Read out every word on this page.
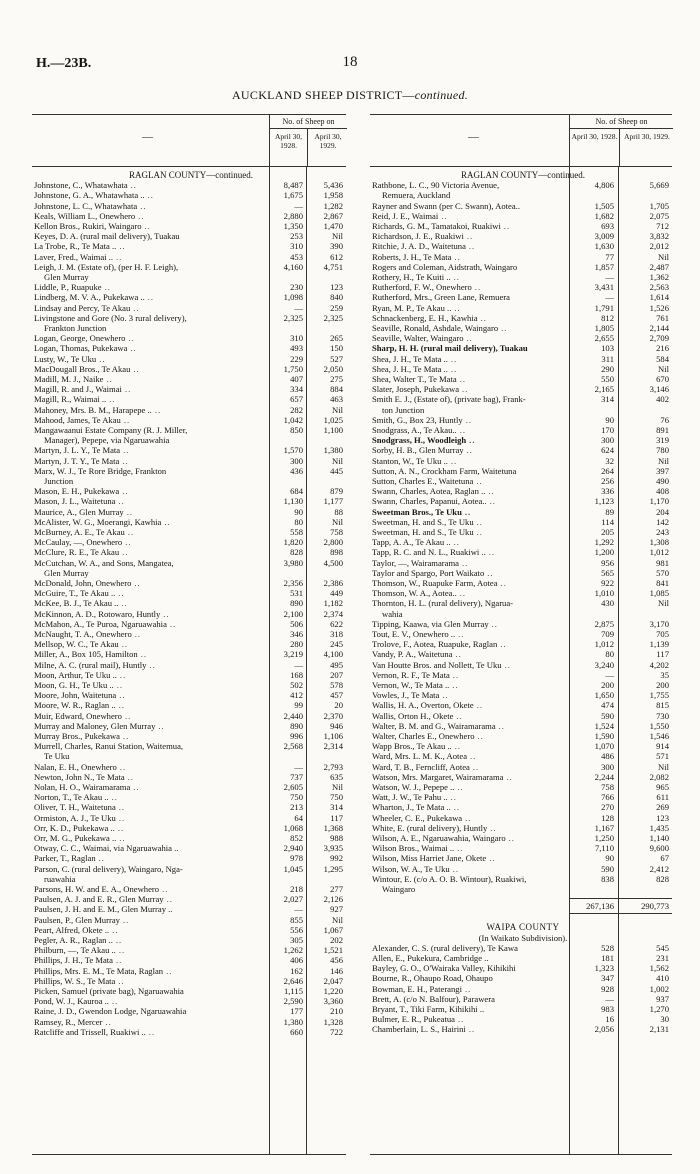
H.—23B.	18
AUCKLAND SHEEP DISTRICT—continued.
—
No. of Sheep on
April 30, 1928.
April 30, 1929.
RAGLAN COUNTY—continued.
Johnstone, C., Whatawhata ..	8,487	5,436
Johnstone, G. A., Whatawhata .. ..	1,675	1,958
Johnstone, L. C., Whatawhata ..	—	1,282
Keals, William L., Onewhero ..	2,880	2,867
Kellon Bros., Rukiri, Waingaro ..	1,350	1,470
Keyes, D. A. (rural mail delivery), Tuakau	253	Nil
La Trobe, R., Te Mata .. ..	310	390
Laver, Fred., Waimai .. ..	453	612
Leigh, J. M. (Estate of), (per H. F. Leigh),	4,160	4,751
Glen Murray
Liddle, P., Ruapuke ..	230	123
Lindberg, M. V. A., Pukekawa .. ..	1,098	840
Lindsay and Percy, Te Akau ..	—	259
Livingstone and Gore (No. 3 rural delivery),	2,325	2,325
Frankton Junction
Logan, George, Onewhero ..	310	265
Logan, Thomas, Pukekawa ..	493	150
Lusty, W., Te Uku ..	229	527
MacDougall Bros., Te Akau ..	1,750	2,050
Madill, M. J., Naike ..	407	275
Magill, R. and J., Waimai ..	334	884
Magill, R., Waimai .. ..	657	463
Mahoney, Mrs. B. M., Harapepe .. ..	282	Nil
Mahood, James, Te Akau ..	1,042	1,025
Mangawaanui Estate Company (R. J. Miller,	850	1,100
Manager), Pepepe, via Ngaruawahia
Martyn, J. L. Y., Te Mata ..	1,570	1,380
Martyn, J. T. Y., Te Mata ..	300	Nil
Marx, W. J., Te Rore Bridge, Frankton	436	445
Junction
Mason, E. H., Pukekawa ..	684	879
Mason, J. L., Waitetuna ..	1,130	1,177
Maurice, A., Glen Murray ..	90	88
McAlister, W. G., Moerangi, Kawhia ..	80	Nil
McBurney, A. E., Te Akau ..	558	758
McCaulay, —, Onewhero ..	1,820	2,800
McClure, R. E., Te Akau ..	828	898
McCutchan, W. A., and Sons, Mangatea,	3,980	4,500
Glen Murray
McDonald, John, Onewhero ..	2,356	2,386
McGuire, T., Te Akau .. ..	531	449
McKee, B. J., Te Akau .. ..	890	1,182
McKinnon, A. D., Rotowaro, Huntly ..	2,100	2,374
McMahon, A., Te Puroa, Ngaruawahia ..	506	622
McNaught, T. A., Onewhero ..	346	318
Mellsop, W. C., Te Akau ..	280	245
Miller, A., Box 105, Hamilton ..	3,219	4,100
Milne, A. C. (rural mail), Huntly ..	—	495
Moon, Arthur, Te Uku .. ..	168	207
Moon, G. H., Te Uku .. ..	502	578
Moore, John, Waitetuna ..	412	457
Moore, W. R., Raglan .. ..	99	20
Muir, Edward, Onewhero ..	2,440	2,370
Murray and Maloney, Glen Murray ..	890	946
Murray Bros., Pukekawa ..	996	1,106
Murrell, Charles, Ranui Station, Waitemua,	2,568	2,314
Te Uku
Nalan, E. H., Onewhero ..	—	2,793
Newton, John N., Te Mata ..	737	635
Nolan, H. O., Wairamarama ..	2,605	Nil
Norton, T., Te Akau .. ..	750	750
Oliver, T. H., Waitetuna ..	213	314
Ormiston, A. J., Te Uku ..	64	117
Orr, K. D., Pukekawa .. ..	1,068	1,368
Orr, M. G., Pukekawa .. ..	852	988
Otway, C. C., Waimai, via Ngaruawahia ..	2,940	3,935
Parker, T., Raglan ..	978	992
Parson, C. (rural delivery), Waingaro, Nga-	1,045	1,295
ruawahia
Parsons, H. W. and E. A., Onewhero ..	218	277
Paulsen, A. J. and E. R., Glen Murray ..	2,027	2,126
Paulsen, J. H. and E. M., Glen Murray ..	—	927
Paulsen, P., Glen Murray ..	855	Nil
Peart, Alfred, Okete .. ..	556	1,067
Pegler, A. R., Raglan .. ..	305	202
Philburn, —, Te Akau .. ..	1,262	1,521
Phillips, J. H., Te Mata ..	406	456
Phillips, Mrs. E. M., Te Mata, Raglan ..	162	146
Phillips, W. S., Te Mata ..	2,646	2,047
Picken, Samuel (private bag), Ngaruawahia	1,115	1,220
Pond, W. J., Kauroa .. ..	2,590	3,360
Raine, J. D., Gwendon Lodge, Ngaruawahia	177	210
Ramsey, R., Mercer ..	1,380	1,328
Ratcliffe and Trissell, Ruakiwi .. ..	660	722
—
No. of Sheep on
April 30, 1928. April 30, 1929.
RAGLAN COUNTY—continued.
Rathbone, L. C., 90 Victoria Avenue,	4,806	5,669
Remuera, Auckland
Rayner and Swann (per C. Swann), Aotea..	1,505	1,705
Reid, J. E., Waimai ..	1,682	2,075
Richards, G. M., Tamatakoi, Ruakiwi ..	693	712
Richardson, J. E., Ruakiwi ..	3,009	3,832
Ritchie, J. A. D., Waitetuna ..	1,630	2,012
Roberts, J. H., Te Mata ..	77	Nil
Rogers and Coleman, Aidstrath, Waingaro	1,857	2,487
Rothery, H., Te Kuiti .. ..	—	1,362
Rutherford, F. W., Onewhero ..	3,431	2,563
Rutherford, Mrs., Green Lane, Remuera	—	1,614
Ryan, M. P., Te Akau .. ..	1,791	1,526
Schnackenberg, E. H., Kawhia ..	812	761
Seaville, Ronald, Ashdale, Waingaro ..	1,805	2,144
Seaville, Walter, Waingaro ..	2,655	2,709
Sharp, H. H. (rural mail delivery), Tuakau	103	216
Shea, J. H., Te Mata .. ..	311	584
Shea, J. H., Te Mata .. ..	290	Nil
Shea, Walter T., Te Mata ..	550	670
Slater, Joseph, Pukekawa ..	2,165	3,146
Smith E. J., (Estate of), (private bag), Frank-	314	402
ton Junction
Smith, G., Box 23, Huntly ..	90	76
Snodgrass, A., Te Akau.. ..	170	891
Snodgrass, H., Woodleigh ..	300	319
Sorby, H. B., Glen Murray ..	624	780
Stanton, W., Te Uku .. ..	32	Nil
Sutton, A. N., Crockham Farm, Waitetuna	264	397
Sutton, Charles E., Waitetuna ..	256	490
Swann, Charles, Aotea, Raglan .. ..	336	408
Swann, Charles, Papanui, Aotea.. ..	1,123	1,170
Sweetman Bros., Te Uku ..	89	204
Sweetman, H. and S., Te Uku ..	114	142
Sweetman, H. and S., Te Uku ..	205	243
Tapp, A. A., Te Akau .. ..	1,292	1,308
Tapp, R. C. and N. L., Ruakiwi .. ..	1,200	1,012
Taylor, —, Wairamarama ..	956	981
Taylor and Spargo, Port Waikato ..	565	570
Thomson, W., Ruapuke Farm, Aotea ..	922	841
Thomson, W. A., Aotea.. ..	1,010	1,085
Thornton, H. L. (rural delivery), Ngarua-	430	Nil
wahia
Tipping, Kaawa, via Glen Murray ..	2,875	3,170
Tout, E. V., Onewhero .. ..	709	705
Trolove, F., Aotea, Ruapuke, Raglan ..	1,012	1,139
Vandy, P. A., Waitetuna ..	80	117
Van Houtte Bros. and Nollett, Te Uku ..	3,240	4,202
Vernon, R. F., Te Mata ..	—	35
Vernon, W., Te Mata .. ..	200	200
Vowles, J., Te Mata ..	1,650	1,755
Wallis, H. A., Overton, Okete ..	474	815
Wallis, Orton H., Okete ..	590	730
Walter, B. M. and G., Wairamarama ..	1,524	1,550
Walter, Charles E., Onewhero ..	1,590	1,546
Wapp Bros., Te Akau .. ..	1,070	914
Ward, Mrs. L. M. K., Aotea ..	486	571
Ward, T. B., Ferncliff, Aotea ..	300	Nil
Watson, Mrs. Margaret, Wairamarama ..	2,244	2,082
Watson, W. J., Pepepe .. ..	758	965
Watt, J. W., Te Pahu .. ..	766	611
Wharton, J., Te Mata .. ..	270	269
Wheeler, C. E., Pukekawa ..	128	123
White, E. (rural delivery), Huntly ..	1,167	1,435
Wilson, A. E., Ngaruawahia, Waingaro ..	1,250	1,140
Wilson Bros., Waimai .. ..	7,110	9,600
Wilson, Miss Harriet Jane, Okete ..	90	67
Wilson, W. A., Te Uku ..	590	2,412
Wintour, E. (c/o A. O. B. Wintour), Ruakiwi,	838	828
Waingaro
267,136	290,773
WAIPA COUNTY
(In Waikato Subdivision).
Alexander, C. S. (rural delivery), Te Kawa	528	545
Allen, E., Pukekura, Cambridge ..	181	231
Bayley, G. O., O'Wairaka Valley, Kihikihi	1,323	1,562
Bourne, R., Ohaupo Road, Ohaupo	347	410
Bowman, E. H., Paterangi ..	928	1,002
Brett, A. (c/o N. Balfour), Parawera	—	937
Bryant, T., Tiki Farm, Kihikihi ..	983	1,270
Bulmer, E. R., Pukeatua ..	16	30
Chamberlain, L. S., Hairini ..	2,056	2,131
